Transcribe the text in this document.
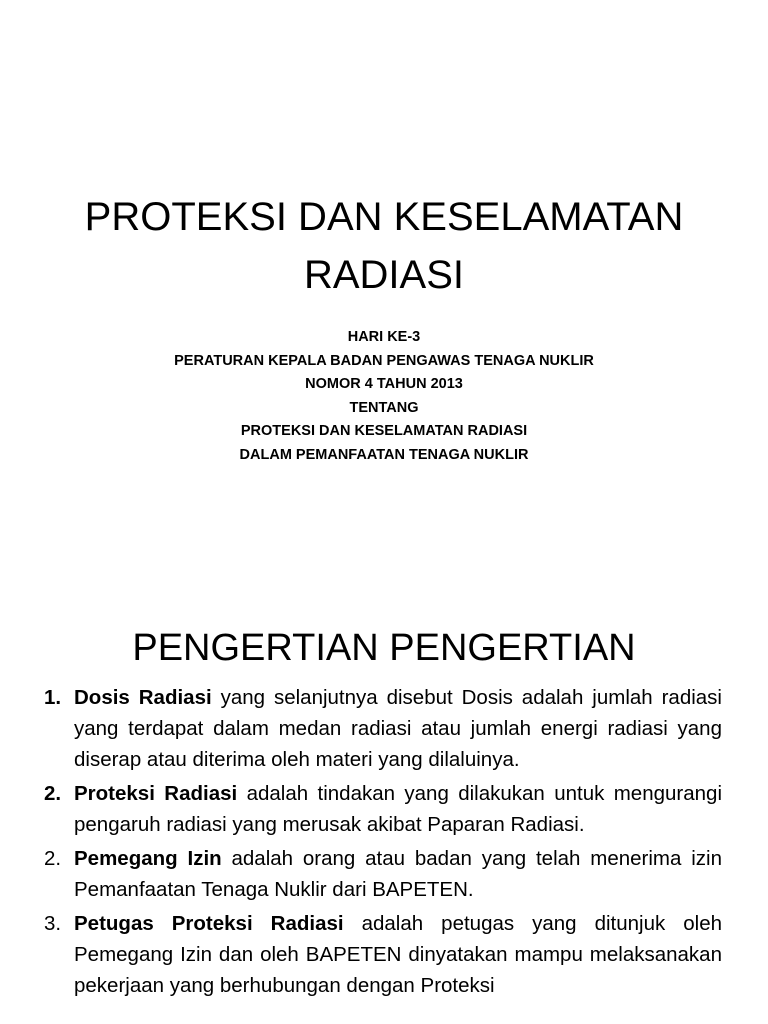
PROTEKSI DAN KESELAMATAN
RADIASI
HARI KE-3
PERATURAN KEPALA BADAN PENGAWAS TENAGA NUKLIR
NOMOR 4 TAHUN 2013
TENTANG
PROTEKSI DAN KESELAMATAN RADIASI
DALAM PEMANFAATAN TENAGA NUKLIR
PENGERTIAN PENGERTIAN
1. Dosis Radiasi yang selanjutnya disebut Dosis adalah jumlah radiasi yang terdapat dalam medan radiasi atau jumlah energi radiasi yang diserap atau diterima oleh materi yang dilaluinya.
2. Proteksi Radiasi adalah tindakan yang dilakukan untuk mengurangi pengaruh radiasi yang merusak akibat Paparan Radiasi.
2. Pemegang Izin adalah orang atau badan yang telah menerima izin Pemanfaatan Tenaga Nuklir dari BAPETEN.
3. Petugas Proteksi Radiasi adalah petugas yang ditunjuk oleh Pemegang Izin dan oleh BAPETEN dinyatakan mampu melaksanakan pekerjaan yang berhubungan dengan Proteksi
